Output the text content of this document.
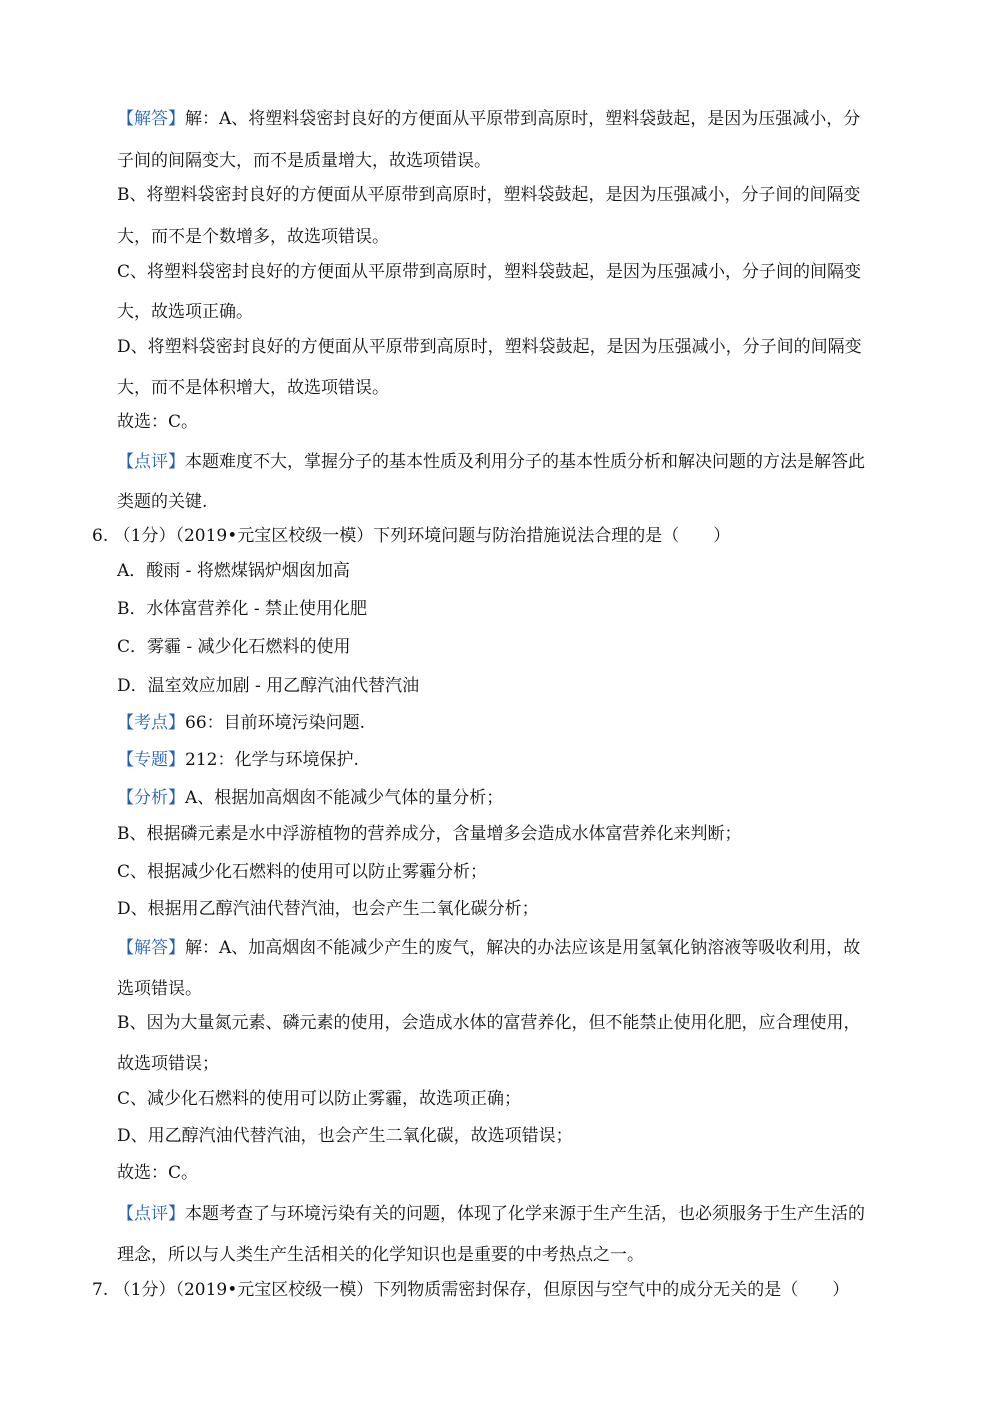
【解答】解：A、将塑料袋密封良好的方便面从平原带到高原时，塑料袋鼓起，是因为压强减小，分
子间的间隔变大，而不是质量增大，故选项错误。
B、将塑料袋密封良好的方便面从平原带到高原时，塑料袋鼓起，是因为压强减小，分子间的间隔变
大，而不是个数增多，故选项错误。
C、将塑料袋密封良好的方便面从平原带到高原时，塑料袋鼓起，是因为压强减小，分子间的间隔变
大，故选项正确。
D、将塑料袋密封良好的方便面从平原带到高原时，塑料袋鼓起，是因为压强减小，分子间的间隔变
大，而不是体积增大，故选项错误。
故选：C。
【点评】本题难度不大，掌握分子的基本性质及利用分子的基本性质分析和解决问题的方法是解答此
类题的关键.
6. （1分）（2019•元宝区校级一模）下列环境问题与防治措施说法合理的是（　　）
A．酸雨 - 将燃煤锅炉烟囱加高
B．水体富营养化 - 禁止使用化肥
C．雾霾 - 减少化石燃料的使用
D．温室效应加剧 - 用乙醇汽油代替汽油
【考点】66：目前环境污染问题.
【专题】212：化学与环境保护.
【分析】A、根据加高烟囱不能减少气体的量分析；
B、根据磷元素是水中浮游植物的营养成分，含量增多会造成水体富营养化来判断；
C、根据减少化石燃料的使用可以防止雾霾分析；
D、根据用乙醇汽油代替汽油，也会产生二氧化碳分析；
【解答】解：A、加高烟囱不能减少产生的废气，解决的办法应该是用氢氧化钠溶液等吸收利用，故
选项错误。
B、因为大量氮元素、磷元素的使用，会造成水体的富营养化，但不能禁止使用化肥，应合理使用，
故选项错误；
C、减少化石燃料的使用可以防止雾霾，故选项正确；
D、用乙醇汽油代替汽油，也会产生二氧化碳，故选项错误；
故选：C。
【点评】本题考查了与环境污染有关的问题，体现了化学来源于生产生活，也必须服务于生产生活的
理念，所以与人类生产生活相关的化学知识也是重要的中考热点之一。
7. （1分）（2019•元宝区校级一模）下列物质需密封保存，但原因与空气中的成分无关的是（　　）
